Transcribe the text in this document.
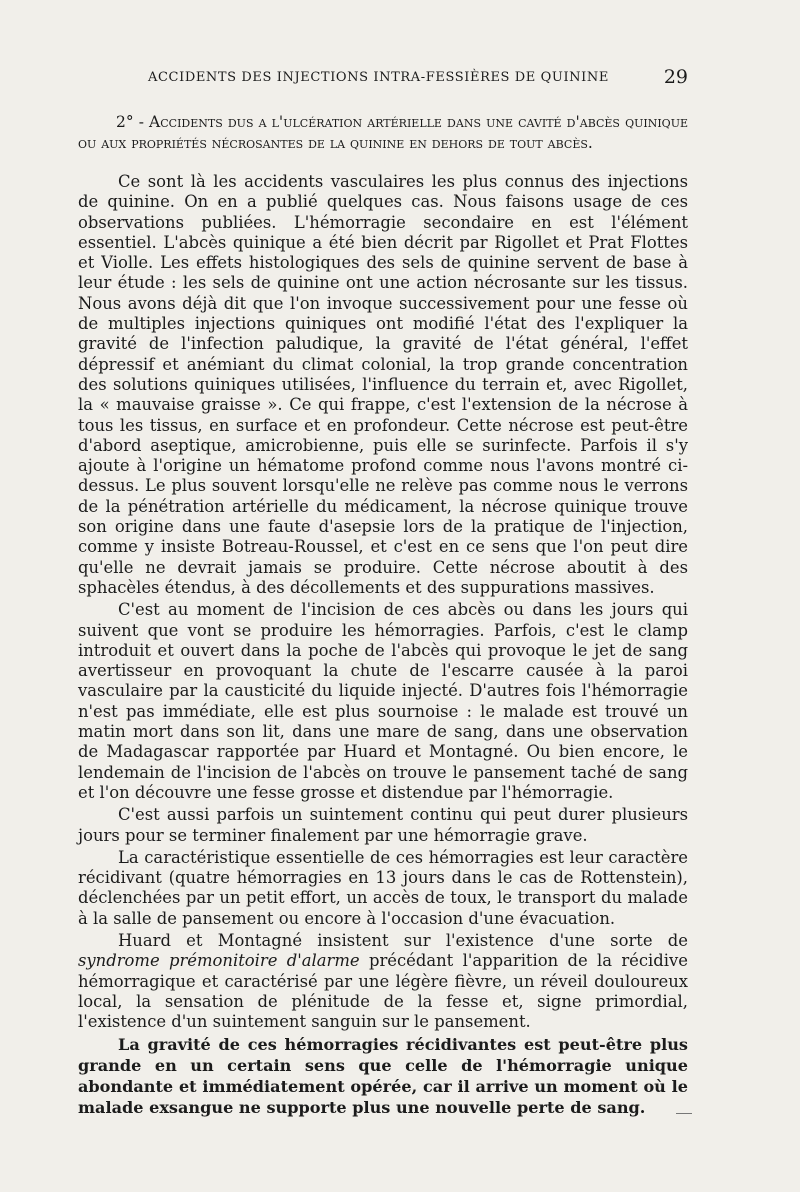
ACCIDENTS DES INJECTIONS INTRA-FESSIÈRES DE QUININE	29

2° - Accidents dus a l'ulcération artérielle dans une cavité d'abcès quinique ou aux propriétés nécrosantes de la quinine en dehors de tout abcès.

Ce sont là les accidents vasculaires les plus connus des injections de quinine. On en a publié quelques cas. Nous faisons usage de ces observations publiées. L'hémorragie secondaire en est l'élément essentiel. L'abcès quinique a été bien décrit par Rigollet et Prat Flottes et Violle. Les effets histologiques des sels de quinine servent de base à leur étude : les sels de quinine ont une action nécrosante sur les tissus. Nous avons déjà dit que l'on invoque successivement pour une fesse où de multiples injections quiniques ont modifié l'état des l'expliquer la gravité de l'infection paludique, la gravité de l'état général, l'effet dépressif et anémiant du climat colonial, la trop grande concentration des solutions quiniques utilisées, l'influence du terrain et, avec Rigollet, la « mauvaise graisse ». Ce qui frappe, c'est l'extension de la nécrose à tous les tissus, en surface et en profondeur. Cette nécrose est peut-être d'abord aseptique, amicrobienne, puis elle se surinfecte. Parfois il s'y ajoute à l'origine un hématome profond comme nous l'avons montré ci-dessus. Le plus souvent lorsqu'elle ne relève pas comme nous le verrons de la pénétration artérielle du médicament, la nécrose quinique trouve son origine dans une faute d'asepsie lors de la pratique de l'injection, comme y insiste Botreau-Roussel, et c'est en ce sens que l'on peut dire qu'elle ne devrait jamais se produire. Cette nécrose aboutit à des sphacèles étendus, à des décollements et des suppurations massives.

C'est au moment de l'incision de ces abcès ou dans les jours qui suivent que vont se produire les hémorragies. Parfois, c'est le clamp introduit et ouvert dans la poche de l'abcès qui provoque le jet de sang avertisseur en provoquant la chute de l'escarre causée à la paroi vasculaire par la causticité du liquide injecté. D'autres fois l'hémorragie n'est pas immédiate, elle est plus sournoise : le malade est trouvé un matin mort dans son lit, dans une mare de sang, dans une observation de Madagascar rapportée par Huard et Montagné. Ou bien encore, le lendemain de l'incision de l'abcès on trouve le pansement taché de sang et l'on découvre une fesse grosse et distendue par l'hémorragie.

C'est aussi parfois un suintement continu qui peut durer plusieurs jours pour se terminer finalement par une hémorragie grave.

La caractéristique essentielle de ces hémorragies est leur caractère récidivant (quatre hémorragies en 13 jours dans le cas de Rottenstein), déclenchées par un petit effort, un accès de toux, le transport du malade à la salle de pansement ou encore à l'occasion d'une évacuation.

Huard et Montagné insistent sur l'existence d'une sorte de syndrome prémonitoire d'alarme précédant l'apparition de la récidive hémorragique et caractérisé par une légère fièvre, un réveil douloureux local, la sensation de plénitude de la fesse et, signe primordial, l'existence d'un suintement sanguin sur le pansement.

La gravité de ces hémorragies récidivantes est peut-être plus grande en un certain sens que celle de l'hémorragie unique abondante et immédiatement opérée, car il arrive un moment où le malade exsangue ne supporte plus une nouvelle perte de sang.
